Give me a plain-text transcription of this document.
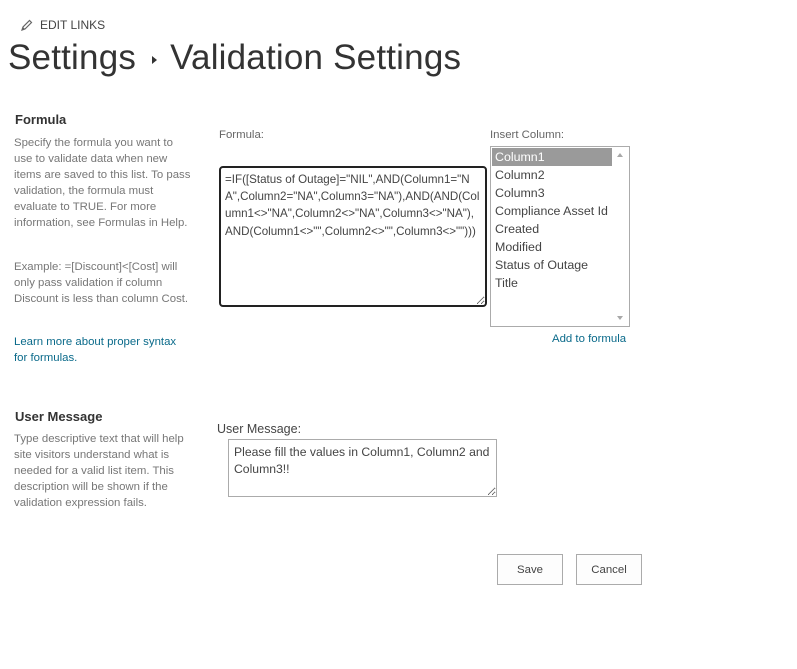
EDIT LINKS
Settings Validation Settings
Formula

Specify the formula you want to use to validate data when new items are saved to this list. To pass validation, the formula must evaluate to TRUE. For more information, see Formulas in Help.

Example: =[Discount]<[Cost] will only pass validation if column Discount is less than column Cost.

Learn more about proper syntax for formulas.
Formula:
=IF([Status of Outage]="NIL",AND(Column1="NA",Column2="NA",Column3="NA"),AND(AND(Column1<>"NA",Column2<>"NA",Column3<>"NA"),AND(Column1<>"",Column2<>"",Column3<>"")))	Insert Column:
Column1
Column2
Column3
Compliance Asset Id
Created
Modified
Status of Outage
Title
Add to formula
User Message

Type descriptive text that will help site visitors understand what is needed for a valid list item. This description will be shown if the validation expression fails.

User Message:
Please fill the values in Column1, Column2 and Column3!!
Save	Cancel
